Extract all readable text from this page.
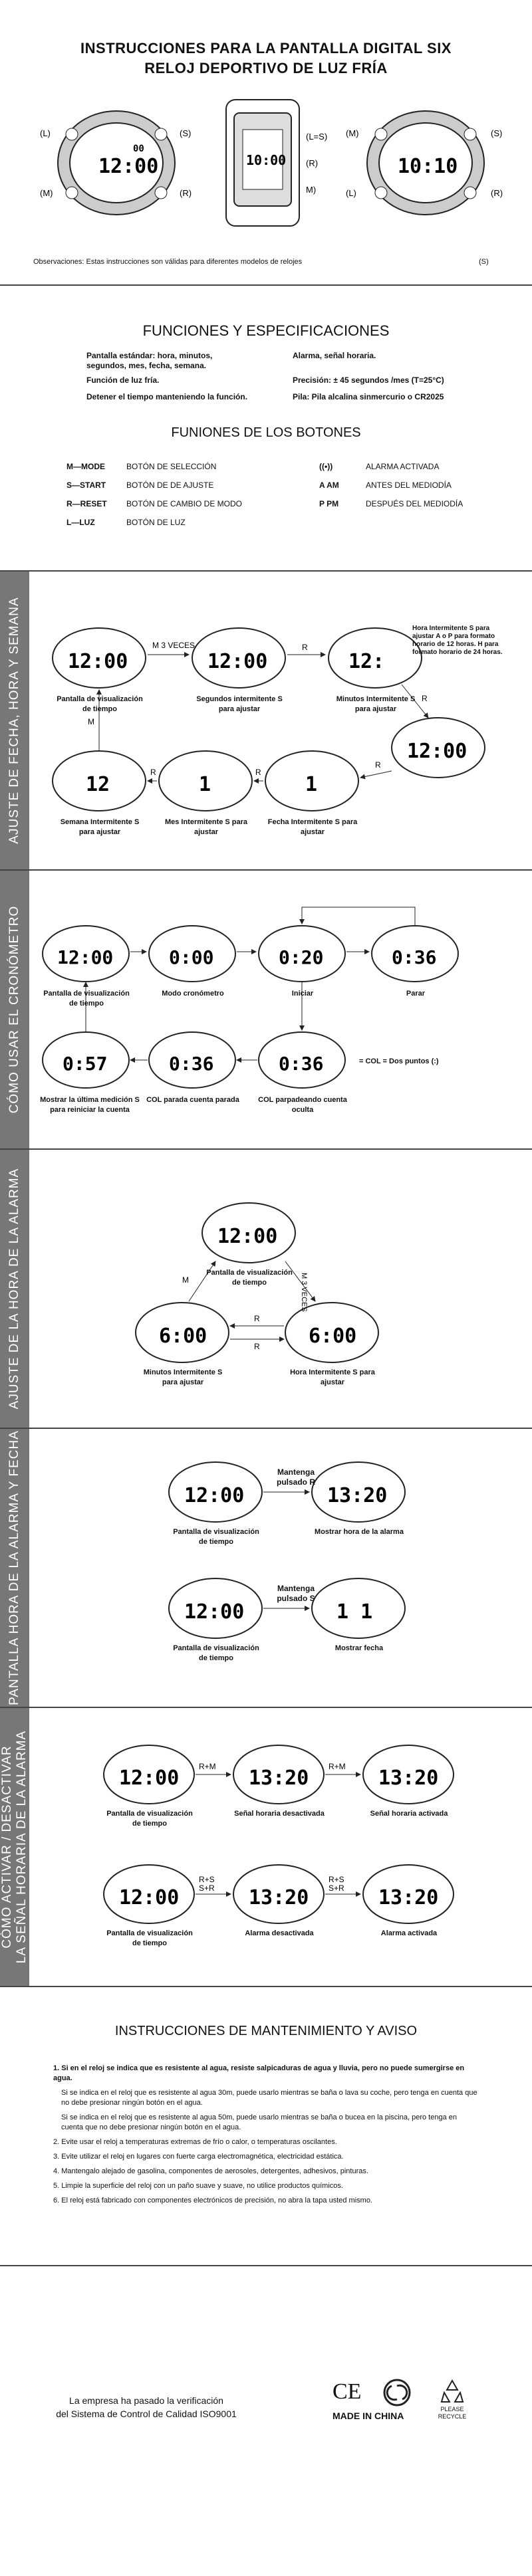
INSTRUCCIONES PARA LA PANTALLA DIGITAL SIX
RELOJ DEPORTIVO DE LUZ FRÍA
12:00
00
10:00	10:10
(L)	(S)
(M)	(R)
(L=S)
(R)
M)
(M)	(S)
(L)	(R)
Observaciones: Estas instrucciones son válidas para diferentes modelos de relojes	(S)
FUNCIONES Y ESPECIFICACIONES
Pantalla estándar: hora, minutos, segundos, mes, fecha, semana.
Función de luz fría.
Detener el tiempo manteniendo la función.
Alarma, señal horaria.
Precisión: ± 45 segundos /mes (T=25°C)
Pila: Pila alcalina sinmercurio o CR2025
FUNIONES DE LOS BOTONES
M—MODE	BOTÓN DE SELECCIÓN
S—START	BOTÓN DE DE AJUSTE
R—RESET BOTÓN DE CAMBIO DE MODO
L—LUZ	BOTÓN DE LUZ
((•))	ALARMA ACTIVADA
A AM	ANTES DEL MEDIODÍA
P PM	DESPUÉS DEL MEDIODÍA
AJUSTE DE FECHA, HORA Y SEMANA 12:00	12:00	12:
12:00
12	1	1
M 3 VECES	R
R
M
R
R
R
Pantalla de visualización de tiempo
Segundos intermitente S para ajustar
Minutos Intermitente S para ajustar
Hora Intermitente S para ajustar A o P para formato horario de 12 horas. H para formato horario de 24 horas.
Semana Intermitente S para ajustar
Mes Intermitente S para ajustar
Fecha Intermitente S para ajustar
CÓMO USAR EL CRONÓMETRO 12:00	0:00	0:20	0:36
0:57	0:36	0:36
Pantalla de visualización de tiempo
Modo cronómetro	Iniciar	Parar
Mostrar la última medición S para reiniciar la cuenta
COL parada cuenta parada	COL parpadeando cuenta oculta
= COL = Dos puntos (:)
AJUSTE DE LA HORA DE LA ALARMA	12:00
6:00	6:00
M
R
R
M 3 VECES
Pantalla de visualización de tiempo
Minutos Intermitente S para ajustar
Hora Intermitente S para ajustar
PANTALLA HORA DE LA ALARMA Y FECHA	12:00	13:20
12:00	1 1
Mantenga pulsado R
Mantenga pulsado S
Pantalla de visualización de tiempo
Mostrar hora de la alarma
Pantalla de visualización de tiempo
Mostrar fecha
CÓMO ACTIVAR / DESACTIVAR LA SEÑAL HORARIA DE LA ALARMA	12:00	13:20	13:20
12:00	13:20	13:20
R+M	R+M
R+S
S+R
R+S
S+R
Pantalla de visualización de tiempo
Señal horaria desactivada	Señal horaria activada
Pantalla de visualización de tiempo
Alarma desactivada	Alarma activada
INSTRUCCIONES DE MANTENIMIENTO Y AVISO

1. Si en el reloj se indica que es resistente al agua, resiste salpicaduras de agua y lluvia, pero no puede sumergirse en agua.

Si se indica en el reloj que es resistente al agua 30m, puede usarlo mientras se baña o lava su coche, pero tenga en cuenta que no debe presionar ningún botón en el agua.

Si se indica en el reloj que es resistente al agua 50m, puede usarlo mientras se baña o bucea en la piscina, pero tenga en cuenta que no debe presionar ningún botón en el agua.

2. Evite usar el reloj a temperaturas extremas de frío o calor, o temperaturas oscilantes.

3. Evite utilizar el reloj en lugares con fuerte carga electromagnética, electricidad estática.

4. Mantengalo alejado de gasolina, componentes de aerosoles, detergentes, adhesivos, pinturas.

5. Limpie la superficie del reloj con un paño suave y suave, no utilice productos químicos.

6. El reloj está fabricado con componentes electrónicos de precisión, no abra la tapa usted mismo.

La empresa ha pasado la verificación
del Sistema de Control de Calidad ISO9001
CE
MADE IN CHINA
PLEASE
RECYCLE
